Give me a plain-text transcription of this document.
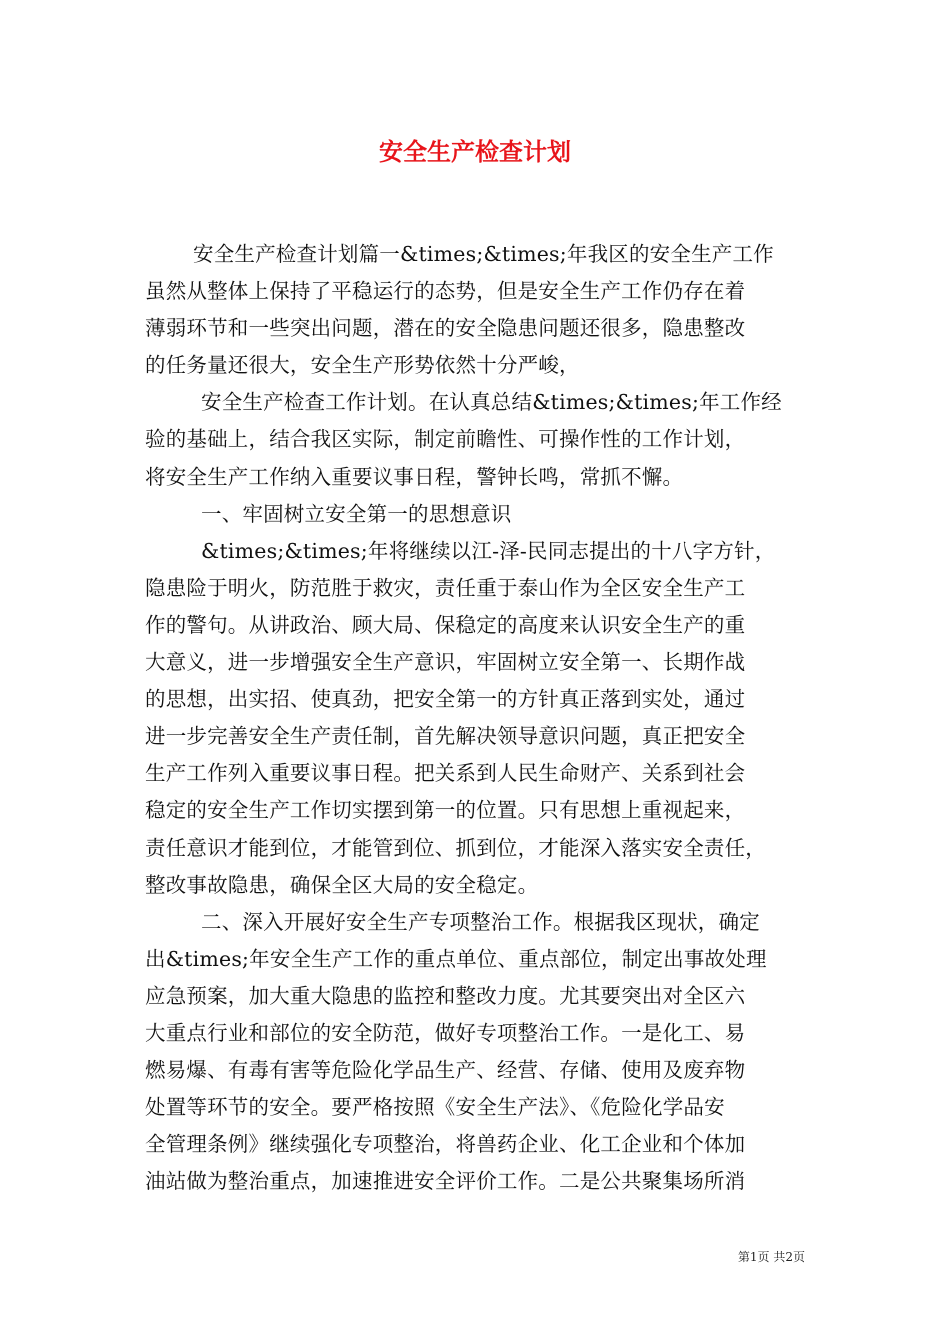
安全生产检查计划
安全生产检查计划篇一&times;&times;年我区的安全生产工作
虽然从整体上保持了平稳运行的态势，但是安全生产工作仍存在着
薄弱环节和一些突出问题，潜在的安全隐患问题还很多，隐患整改
的任务量还很大，安全生产形势依然十分严峻，
安全生产检查工作计划。在认真总结&times;&times;年工作经
验的基础上，结合我区实际，制定前瞻性、可操作性的工作计划，
将安全生产工作纳入重要议事日程，警钟长鸣，常抓不懈。
一、牢固树立安全第一的思想意识
&times;&times;年将继续以江-泽-民同志提出的十八字方针，
隐患险于明火，防范胜于救灾，责任重于泰山作为全区安全生产工
作的警句。从讲政治、顾大局、保稳定的高度来认识安全生产的重
大意义，进一步增强安全生产意识，牢固树立安全第一、长期作战
的思想，出实招、使真劲，把安全第一的方针真正落到实处，通过
进一步完善安全生产责任制，首先解决领导意识问题，真正把安全
生产工作列入重要议事日程。把关系到人民生命财产、关系到社会
稳定的安全生产工作切实摆到第一的位置。只有思想上重视起来，
责任意识才能到位，才能管到位、抓到位，才能深入落实安全责任，
整改事故隐患，确保全区大局的安全稳定。
二、深入开展好安全生产专项整治工作。根据我区现状，确定
出&times;年安全生产工作的重点单位、重点部位，制定出事故处理
应急预案，加大重大隐患的监控和整改力度。尤其要突出对全区六
大重点行业和部位的安全防范，做好专项整治工作。一是化工、易
燃易爆、有毒有害等危险化学品生产、经营、存储、使用及废弃物
处置等环节的安全。要严格按照《安全生产法》、《危险化学品安
全管理条例》继续强化专项整治，将兽药企业、化工企业和个体加
油站做为整治重点，加速推进安全评价工作。二是公共聚集场所消
第1页 共2页
